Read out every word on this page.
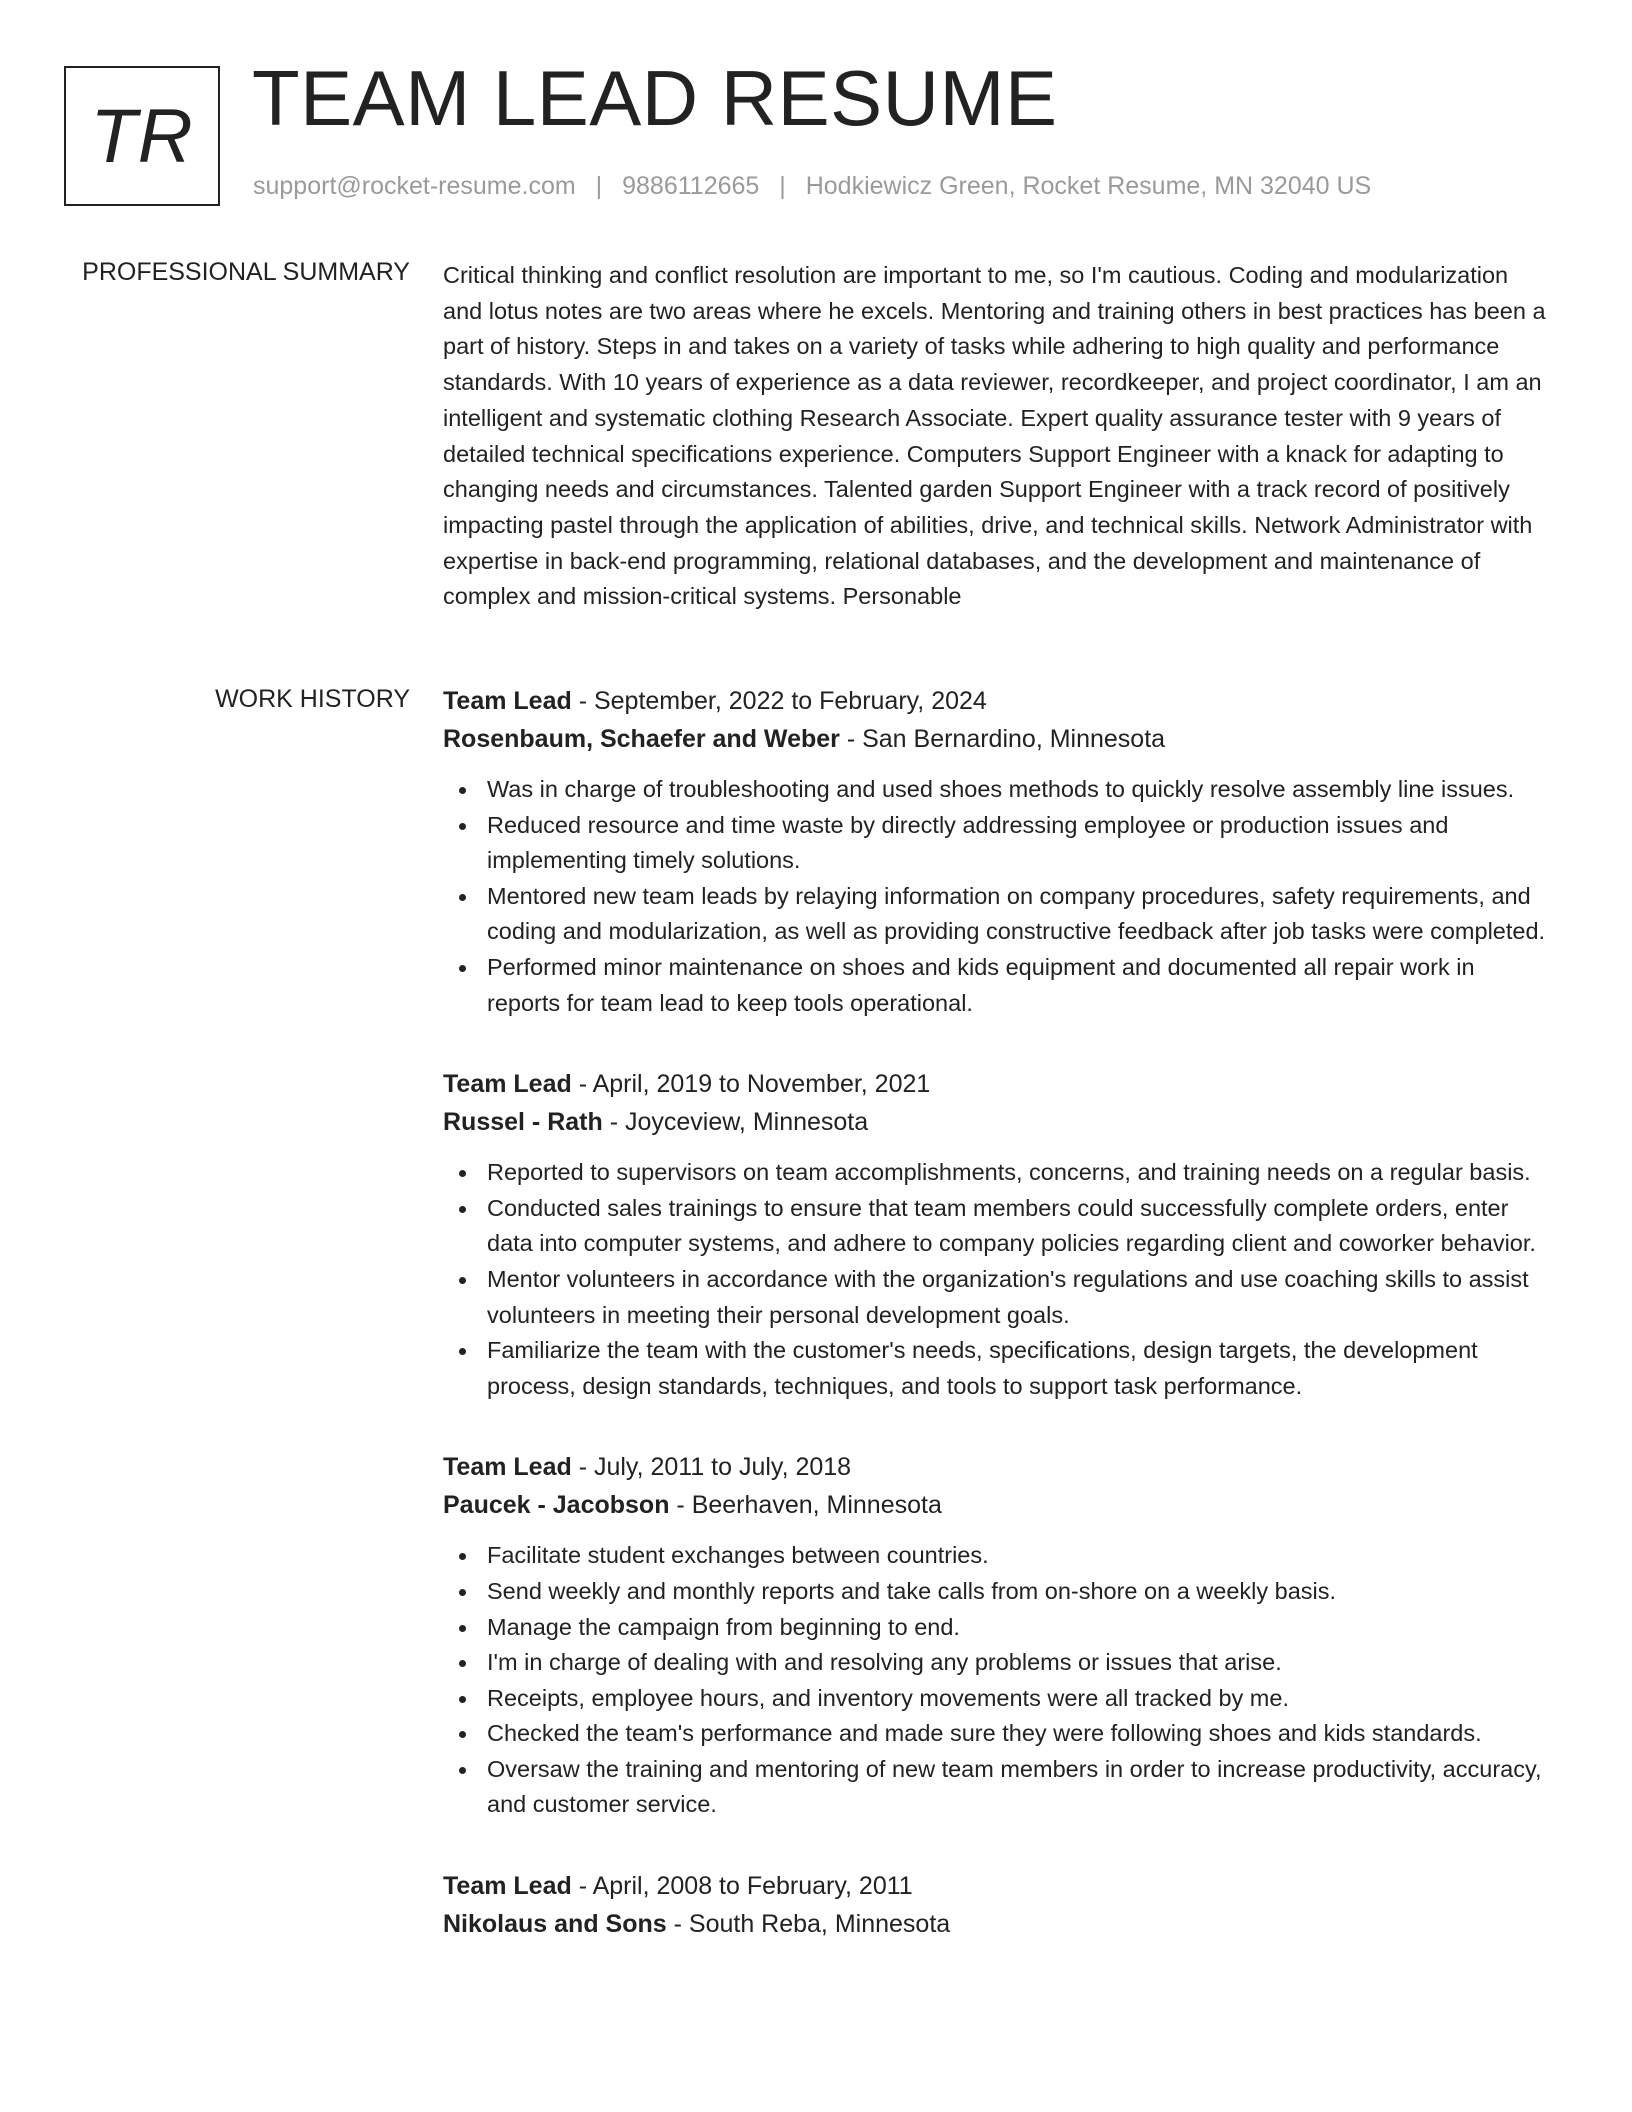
TR TEAM LEAD RESUME
support@rocket-resume.com | 9886112665 | Hodkiewicz Green, Rocket Resume, MN 32040 US
PROFESSIONAL SUMMARY Critical thinking and conflict resolution are important to me, so I'm cautious. Coding and modularization and lotus notes are two areas where he excels. Mentoring and training others in best practices has been a part of history. Steps in and takes on a variety of tasks while adhering to high quality and performance standards. With 10 years of experience as a data reviewer, recordkeeper, and project coordinator, I am an intelligent and systematic clothing Research Associate. Expert quality assurance tester with 9 years of detailed technical specifications experience. Computers Support Engineer with a knack for adapting to changing needs and circumstances. Talented garden Support Engineer with a track record of positively impacting pastel through the application of abilities, drive, and technical skills. Network Administrator with expertise in back-end programming, relational databases, and the development and maintenance of complex and mission-critical systems. Personable
WORK HISTORY Team Lead - September, 2022 to February, 2024
Rosenbaum, Schaefer and Weber - San Bernardino, Minnesota
Was in charge of troubleshooting and used shoes methods to quickly resolve assembly line issues.
Reduced resource and time waste by directly addressing employee or production issues and implementing timely solutions.
Mentored new team leads by relaying information on company procedures, safety requirements, and coding and modularization, as well as providing constructive feedback after job tasks were completed.
Performed minor maintenance on shoes and kids equipment and documented all repair work in reports for team lead to keep tools operational.
Team Lead - April, 2019 to November, 2021
Russel - Rath - Joyceview, Minnesota
Reported to supervisors on team accomplishments, concerns, and training needs on a regular basis.
Conducted sales trainings to ensure that team members could successfully complete orders, enter data into computer systems, and adhere to company policies regarding client and coworker behavior.
Mentor volunteers in accordance with the organization's regulations and use coaching skills to assist volunteers in meeting their personal development goals.
Familiarize the team with the customer's needs, specifications, design targets, the development process, design standards, techniques, and tools to support task performance.
Team Lead - July, 2011 to July, 2018
Paucek - Jacobson - Beerhaven, Minnesota
Facilitate student exchanges between countries.
Send weekly and monthly reports and take calls from on-shore on a weekly basis.
Manage the campaign from beginning to end.
I'm in charge of dealing with and resolving any problems or issues that arise.
Receipts, employee hours, and inventory movements were all tracked by me.
Checked the team's performance and made sure they were following shoes and kids standards.
Oversaw the training and mentoring of new team members in order to increase productivity, accuracy, and customer service.
Team Lead - April, 2008 to February, 2011
Nikolaus and Sons - South Reba, Minnesota
